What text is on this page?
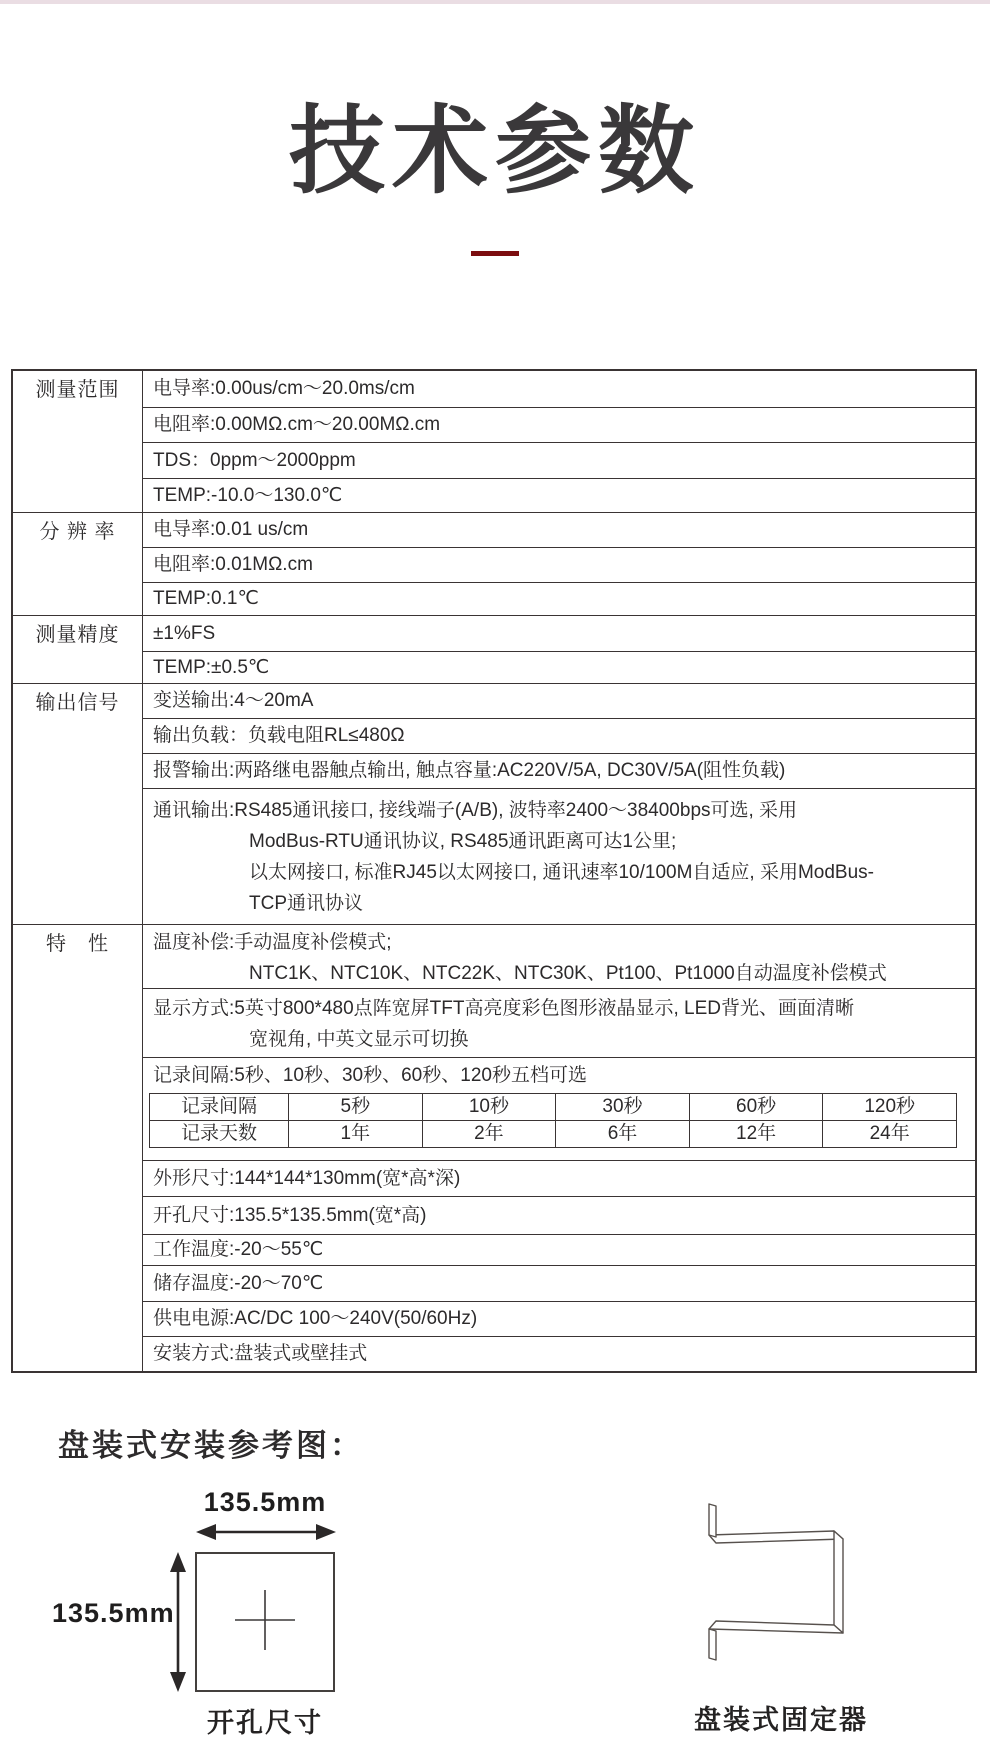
技术参数
测量范围	电导率:0.00us/cm～20.0ms/cm
电阻率:0.00MΩ.cm～20.00MΩ.cm
TDS：0ppm～2000ppm
TEMP:-10.0～130.0℃
分 辨 率	电导率:0.01 us/cm
电阻率:0.01MΩ.cm
TEMP:0.1℃
测量精度	±1%FS
TEMP:±0.5℃
输出信号	变送输出:4～20mA
输出负载：负载电阻RL≤480Ω
报警输出:两路继电器触点输出, 触点容量:AC220V/5A, DC30V/5A(阻性负载)
通讯输出:RS485通讯接口, 接线端子(A/B), 波特率2400～38400bps可选, 采用
ModBus-RTU通讯协议, RS485通讯距离可达1公里;
以太网接口, 标准RJ45以太网接口, 通讯速率10/100M自适应, 采用ModBus-
TCP通讯协议
特　性	温度补偿:手动温度补偿模式;
NTC1K、NTC10K、NTC22K、NTC30K、Pt100、Pt1000自动温度补偿模式
显示方式:5英寸800*480点阵宽屏TFT高亮度彩色图形液晶显示, LED背光、画面清晰
宽视角, 中英文显示可切换
记录间隔:5秒、10秒、30秒、60秒、120秒五档可选
记录间隔	5秒	10秒	30秒	60秒	120秒
记录天数	1年	2年	6年	12年	24年
外形尺寸:144*144*130mm(宽*高*深)
开孔尺寸:135.5*135.5mm(宽*高)
工作温度:-20～55℃
储存温度:-20～70℃
供电电源:AC/DC 100～240V(50/60Hz)
安装方式:盘装式或壁挂式
盘装式安装参考图：
135.5mm
135.5mm
开孔尺寸	盘装式固定器
